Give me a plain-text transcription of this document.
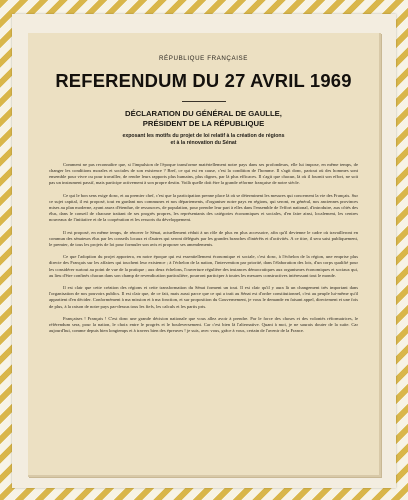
RÉPUBLIQUE FRANÇAISE
REFERENDUM DU 27 AVRIL 1969
DÉCLARATION DU GÉNÉRAL DE GAULLE,
PRÉSIDENT DE LA RÉPUBLIQUE
exposant les motifs du projet de loi relatif à la création de régions
et à la rénovation du Sénat

Comment ne pas reconnaître que, si l'impulsion de l'époque transforme matériellement notre pays dans ses profondeurs, elle lui impose, en même temps, de changer les conditions morales et sociales de son existence ? Bref, ce qui est en cause, c'est la condition de l'homme. Il s'agit donc, partout où des hommes sont ensemble pour vivre ou pour travailler, de rendre leurs rapports plus humains, plus dignes, par là plus efficaces. Il s'agit que chacun, là où il fournit son effort, ne soit pas un instrument passif, mais participe activement à son propre destin. Voilà quelle doit être la grande réforme française de notre siècle.

Ce qui le bon sens exige donc, et au premier chef, c'est que la participation prenne place là où se déterminent les mesures qui concernent la vie des Français. Sur ce sujet capital, il est proposé, tout en gardant nos communes et nos départements, d'organiser notre pays en régions, qui seront, en général, nos anciennes provinces mises au plan moderne, ayant assez d'étendue, de ressources, de population, pour prendre leur part à elles dans l'ensemble de l'effort national, d'introduire, aux côtés des élus, dans le conseil de chacune traitant de ses progrès propres, les représentants des catégories économiques et sociales, d'en faire ainsi, localement, les centres nouveaux de l'initiative et de la coopération et les ressorts du développement.

Il est proposé, en même temps, de rénover le Sénat, actuellement réduit à un rôle de plus en plus accessoire, afin qu'il devienne le cadre où travailleront en commun des sénateurs élus par les conseils locaux et d'autres qui seront délégués par les grandes branches d'intérêts et d'activités. A ce titre, il sera saisi publiquement, le premier, de tous les projets de loi pour formuler son avis et proposer ses amendements.

Ce que l'adoption du projet apportera, en notre époque qui est essentiellement économique et sociale, c'est donc, à l'échelon de la région, une emprise plus directe des Français sur les affaires qui touchent leur existence ; à l'échelon de la nation, l'intervention par priorité, dans l'élaboration des lois, d'un corps qualifié pour les considérer surtout au point de vue de la pratique ; aux deux échelons, l'ouverture régulière des instances démocratiques aux organismes économiques et sociaux qui, au lieu d'être confinés chacun dans son champ de revendication particulière, pourront participer à toutes les mesures constructives intéressant tout le monde.

Il est clair que cette création des régions et cette transformation du Sénat forment un tout. Il est clair qu'il y aura là un changement très important dans l'organisation de nos pouvoirs publics. Il est clair que, de ce fait, mais aussi parce que ce qui a trait au Sénat est d'ordre constitutionnel, c'est au peuple lui-même qu'il appartient d'en décider. Conformément à ma mission et à ma fonction, et sur proposition du Gouvernement, je vous le demande en faisant appel, directement et une fois de plus, à la raison de notre pays par-dessus tous les fiefs, les calculs et les partis pris.

Françaises ! Français ! C'est donc une grande décision nationale que vous allez avoir à prendre. Par le force des choses et des volontés réformatrices, le référendum sera, pour la nation, le choix entre le progrès et le bouleversement. Car c'est bien là l'alternative. Quant à moi, je ne saurais douter de la suite. Car aujourd'hui, comme depuis bien longtemps et à travers bien des épreuves ! je suis, avec vous, grâce à vous, certain de l'avenir de la France.
